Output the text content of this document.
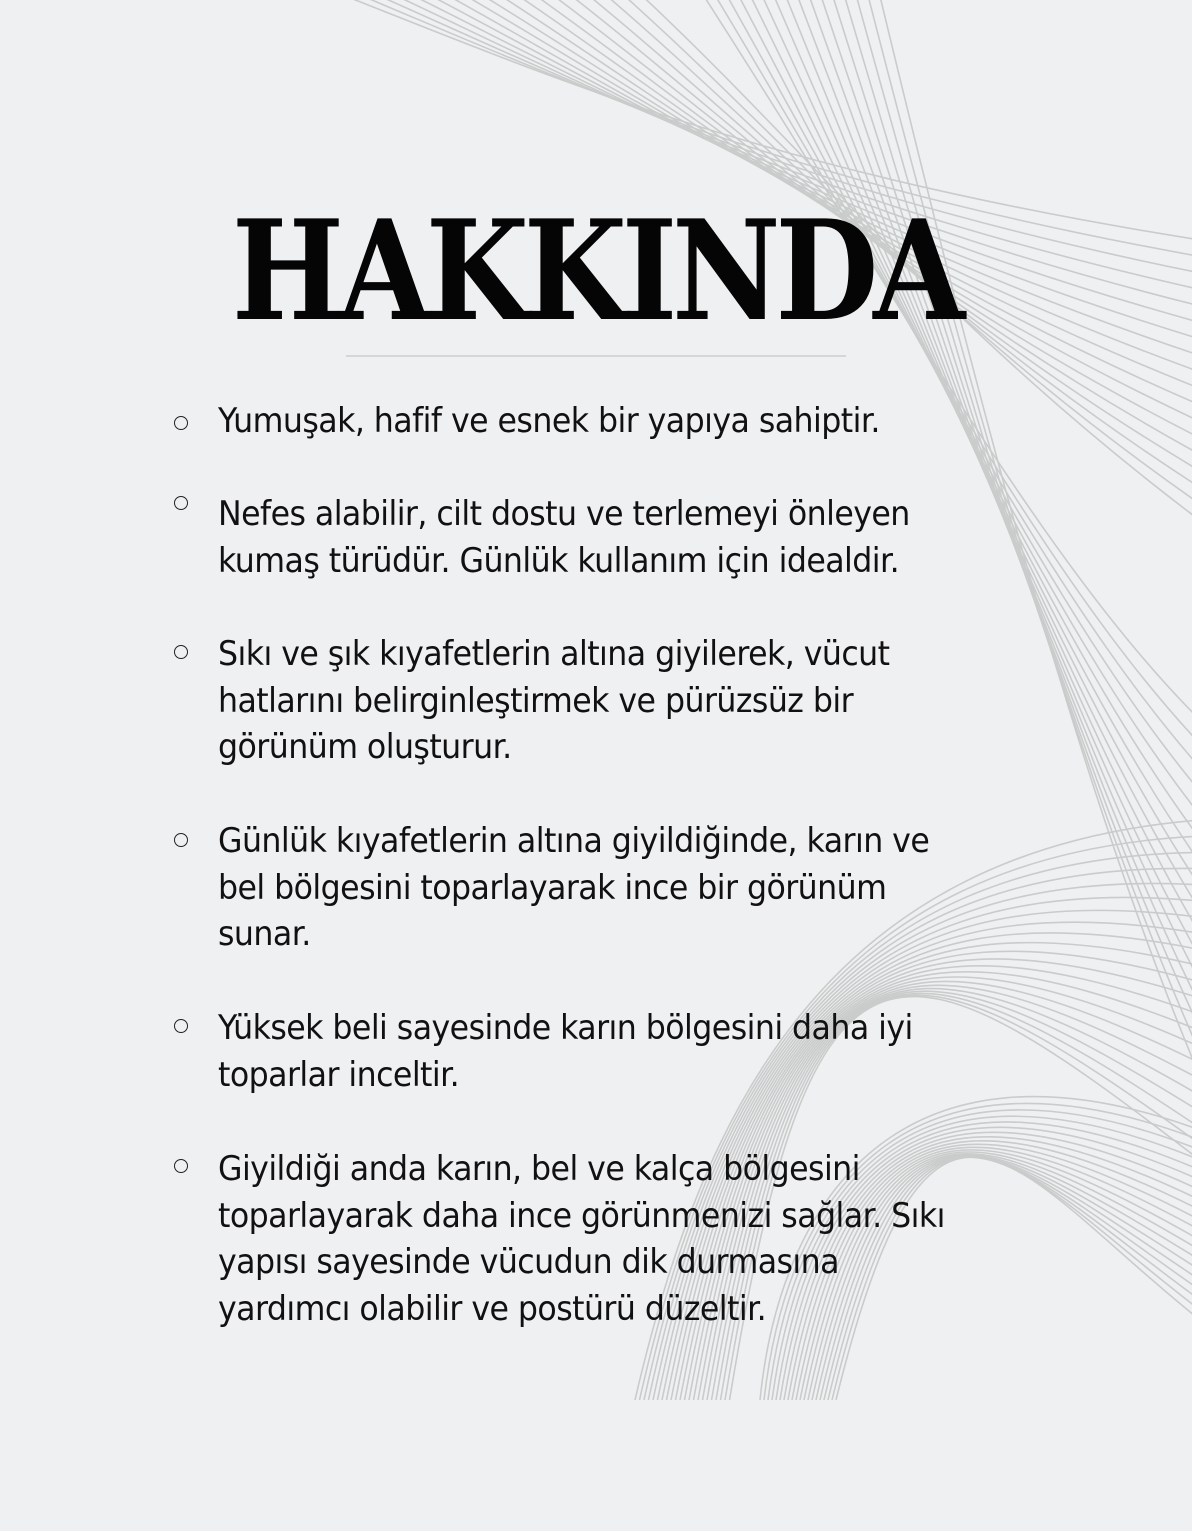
HAKKINDA
Yumuşak, hafif ve esnek bir yapıya sahiptir.
Nefes alabilir, cilt dostu ve terlemeyi önleyen kumaş türüdür. Günlük kullanım için idealdir.
Sıkı ve şık kıyafetlerin altına giyilerek, vücut hatlarını belirginleştirmek ve pürüzsüz bir görünüm oluşturur.
Günlük kıyafetlerin altına giyildiğinde, karın ve bel bölgesini toparlayarak ince bir görünüm sunar.
Yüksek beli sayesinde karın bölgesini daha iyi toparlar inceltir.
Giyildiği anda karın, bel ve kalça bölgesini toparlayarak daha ince görünmenizi sağlar. Sıkı yapısı sayesinde vücudun dik durmasına yardımcı olabilir ve postürü düzeltir.
